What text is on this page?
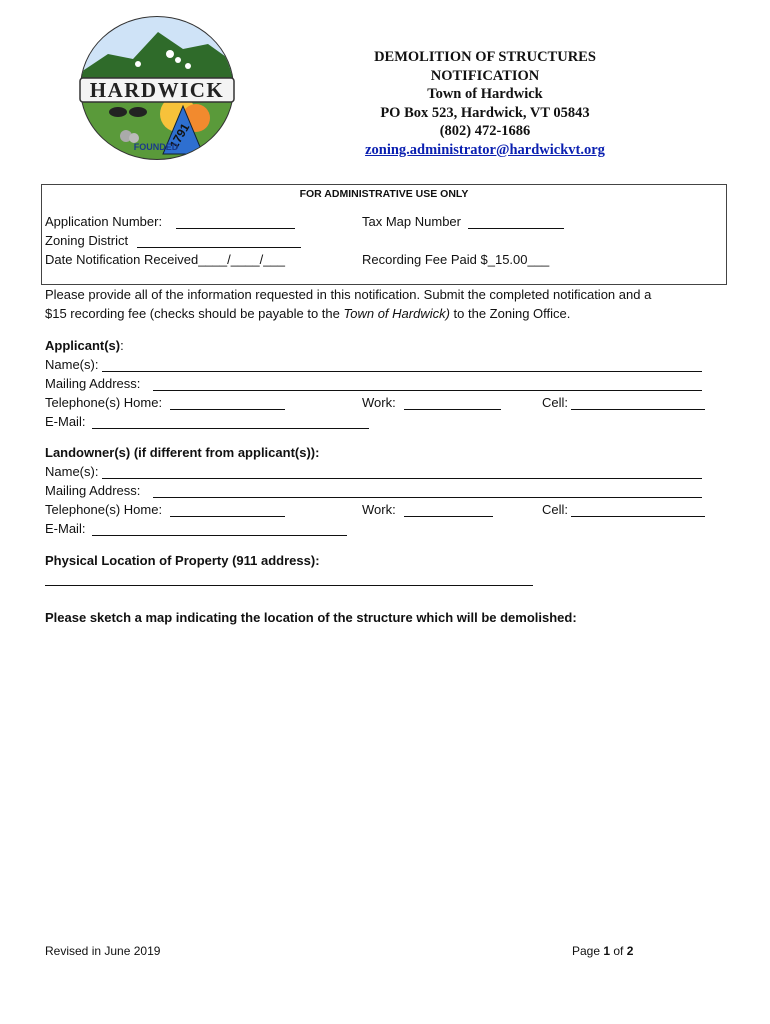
HARDWICK
1791
FOUNDED
DEMOLITION OF STRUCTURES
NOTIFICATION
Town of Hardwick
PO Box 523, Hardwick, VT 05843
(802) 472-1686
zoning.administrator@hardwickvt.org
FOR ADMINISTRATIVE USE ONLY
Application Number:	Tax Map Number
Zoning District
Date Notification Received____/____/___	Recording Fee Paid $_15.00___
Please provide all of the information requested in this notification. Submit the completed notification and a
$15 recording fee (checks should be payable to the Town of Hardwick) to the Zoning Office.
Applicant(s):
Name(s):
Mailing Address:
Telephone(s) Home:	Work:	Cell:
E-Mail:
Landowner(s) (if different from applicant(s)):
Name(s):
Mailing Address:
Telephone(s) Home:	Work:	Cell:
E-Mail:
Physical Location of Property (911 address):
Please sketch a map indicating the location of the structure which will be demolished:
Revised in June 2019	Page 1 of 2
